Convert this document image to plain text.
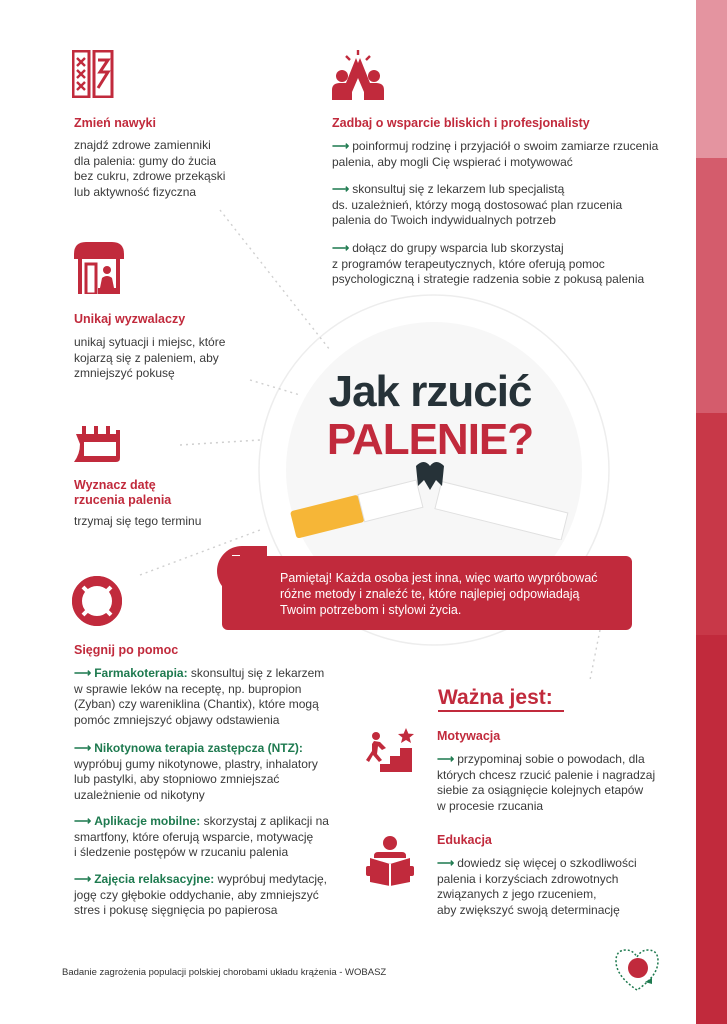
Zmień nawyki
znajdź zdrowe zamienniki
dla palenia: gumy do żucia
bez cukru, zdrowe przekąski
lub aktywność fizyczna
Zadbaj o wsparcie bliskich i profesjonalisty
⟶ poinformuj rodzinę i przyjaciół o swoim zamiarze rzucenia
palenia, aby mogli Cię wspierać i motywować
⟶ skonsultuj się z lekarzem lub specjalistą
ds. uzależnień, którzy mogą dostosować plan rzucenia
palenia do Twoich indywidualnych potrzeb
⟶ dołącz do grupy wsparcia lub skorzystaj
z programów terapeutycznych, które oferują pomoc
psychologiczną i strategie radzenia sobie z pokusą palenia
Unikaj wyzwalaczy
unikaj sytuacji i miejsc, które
kojarzą się z paleniem, aby
zmniejszyć pokusę
Wyznacz datę
rzucenia palenia
trzymaj się tego terminu
Jak rzucić
PALENIE?
Pamiętaj! Każda osoba jest inna, więc warto wypróbować
różne metody i znaleźć te, które najlepiej odpowiadają
Twoim potrzebom i stylowi życia.
Sięgnij po pomoc
⟶ Farmakoterapia: skonsultuj się z lekarzem
w sprawie leków na receptę, np. bupropion
(Zyban) czy wareniklina (Chantix), które mogą
pomóc zmniejszyć objawy odstawienia
⟶ Nikotynowa terapia zastępcza (NTZ):
wypróbuj gumy nikotynowe, plastry, inhalatory
lub pastylki, aby stopniowo zmniejszać
uzależnienie od nikotyny
⟶ Aplikacje mobilne: skorzystaj z aplikacji na
smartfony, które oferują wsparcie, motywację
i śledzenie postępów w rzucaniu palenia
⟶ Zajęcia relaksacyjne: wypróbuj medytację,
jogę czy głębokie oddychanie, aby zmniejszyć
stres i pokusę sięgnięcia po papierosa
Ważna jest:
Motywacja
⟶ przypominaj sobie o powodach, dla
których chcesz rzucić palenie i nagradzaj
siebie za osiągnięcie kolejnych etapów
w procesie rzucania
Edukacja
⟶ dowiedz się więcej o szkodliwości
palenia i korzyściach zdrowotnych
związanych z jego rzuceniem,
aby zwiększyć swoją determinację
Badanie zagrożenia populacji polskiej chorobami układu krążenia - WOBASZ
